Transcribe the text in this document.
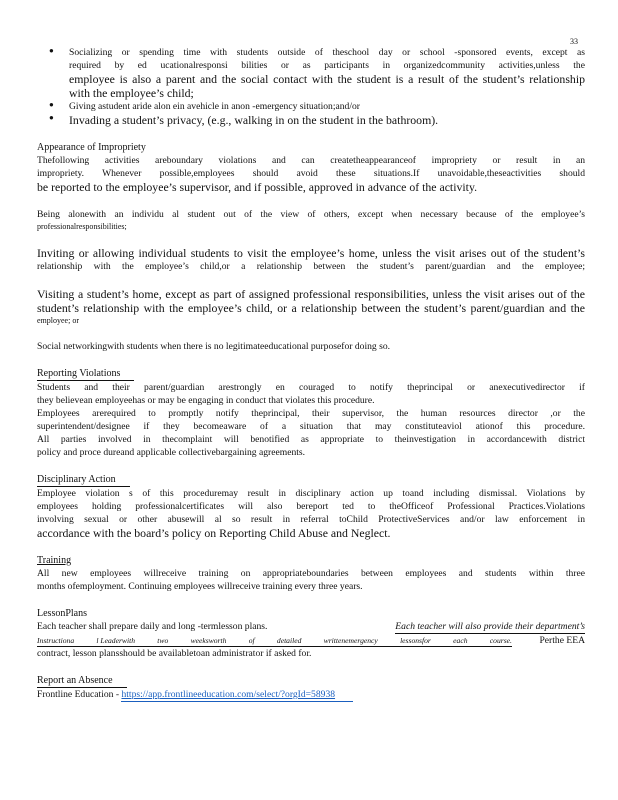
33
● Socializing or spending time with students outside of theschool day or school -sponsored events, except as
required by ed ucationalresponsi bilities or as participants in organizedcommunity activities,unless the
employee is also a parent and the social contact with the student is a result of the student’s relationship
with the employee’s child;
● Giving astudent aride alon ein avehicle in anon -emergency situation;and/or
● Invading a student’s privacy, (e.g., walking in on the student in the bathroom).

Appearance of Impropriety

Thefollowing activities areboundary violations and can createtheappearanceof impropriety or result in an
impropriety. Whenever possible,employees should avoid these situations.If unavoidable,theseactivities should
be reported to the employee’s supervisor, and if possible, approved in advance of the activity.
Being alonewith an individu al student out of the view of others, except when necessary because of the employee’s
professionalresponsibilities;
Inviting or allowing individual students to visit the employee’s home, unless the visit arises out of the student’s
relationship with the employee’s child,or a relationship between the student’s parent/guardian and the employee;
Visiting a student’s home, except as part of assigned professional responsibilities, unless the visit arises out of the
student’s relationship with the employee’s child, or a relationship between the student’s parent/guardian and the
employee; or
Social networkingwith students when there is no legitimateeducational purposefor doing so.

Reporting Violations

Students and their parent/guardian arestrongly en couraged to notify theprincipal or anexecutivedirector if
they believean employeehas or may be engaging in conduct that violates this procedure.
Employees arerequired to promptly notify theprincipal, their supervisor, the human resources director ,or the
superintendent/designee if they becomeaware of a situation that may constituteaviol ationof this procedure.
All parties involved in thecomplaint will benotified as appropriate to theinvestigation in accordancewith district
policy and proce dureand applicable collectivebargaining agreements.

Disciplinary Action

Employee violation s of this proceduremay result in disciplinary action up toand including dismissal. Violations by
employees holding professionalcertificates will also bereport ted to theOfficeof Professional Practices.Violations
involving sexual or other abusewill al so result in referral toChild ProtectiveServices and/or law enforcement in
accordance with the board’s policy on Reporting Child Abuse and Neglect.

Training

All new employees willreceive training on appropriateboundaries between employees and students within three
months ofemployment. Continuing employees willreceive training every three years.

LessonPlans

Each teacher shall prepare daily and long -termlesson plans.	Each teacher will also provide their department’s
Instructiona	l Leaderwith	two	weeksworth	of	detailed	writtenemergency	lessonsfor	each	course.	Perthe EEA
contract, lesson plansshould be availabletoan administrator if asked for.

Report an Absence

Frontline Education - https://app.frontlineeducation.com/select/?orgId=58938
